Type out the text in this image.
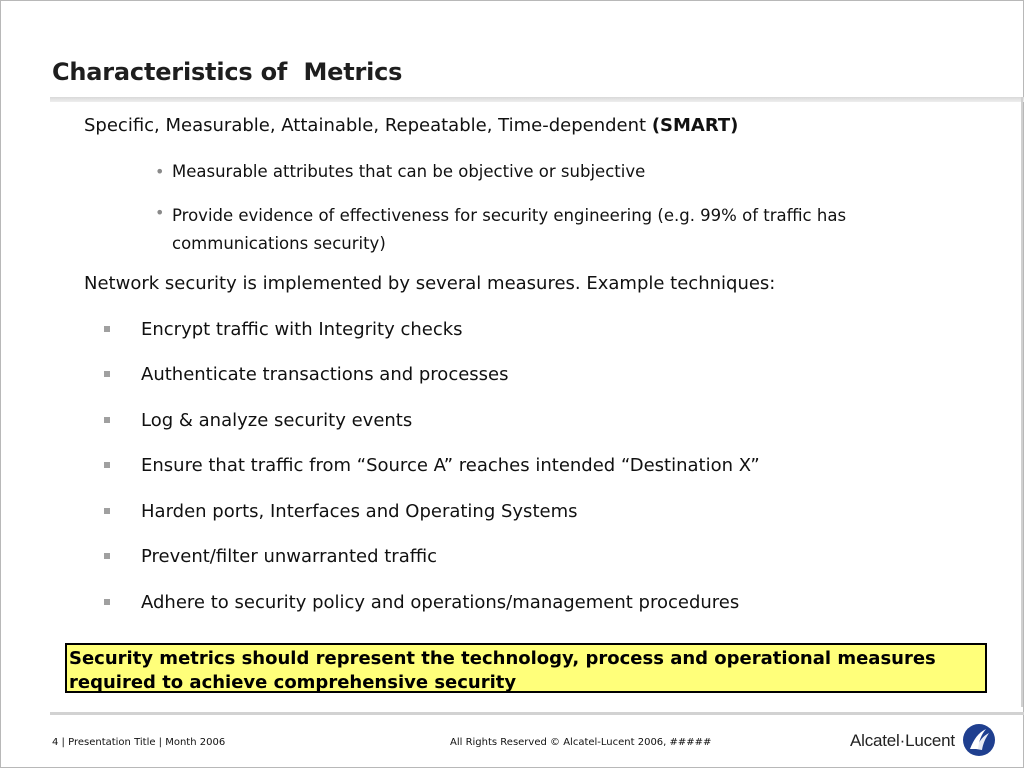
Characteristics of  Metrics
Specific, Measurable, Attainable, Repeatable, Time-dependent (SMART)
• Measurable attributes that can be objective or subjective
• Provide evidence of effectiveness for security engineering (e.g. 99% of traffic has communications security)
Network security is implemented by several measures. Example techniques:
Encrypt traffic with Integrity checks
Authenticate transactions and processes
Log & analyze security events
Ensure that traffic from “Source A” reaches intended “Destination X”
Harden ports, Interfaces and Operating Systems
Prevent/filter unwarranted traffic
Adhere to security policy and operations/management procedures
Security metrics should represent the technology, process and operational measures required to achieve comprehensive security
4 | Presentation Title | Month 2006	All Rights Reserved © Alcatel-Lucent 2006, #####	Alcatel·Lucent
